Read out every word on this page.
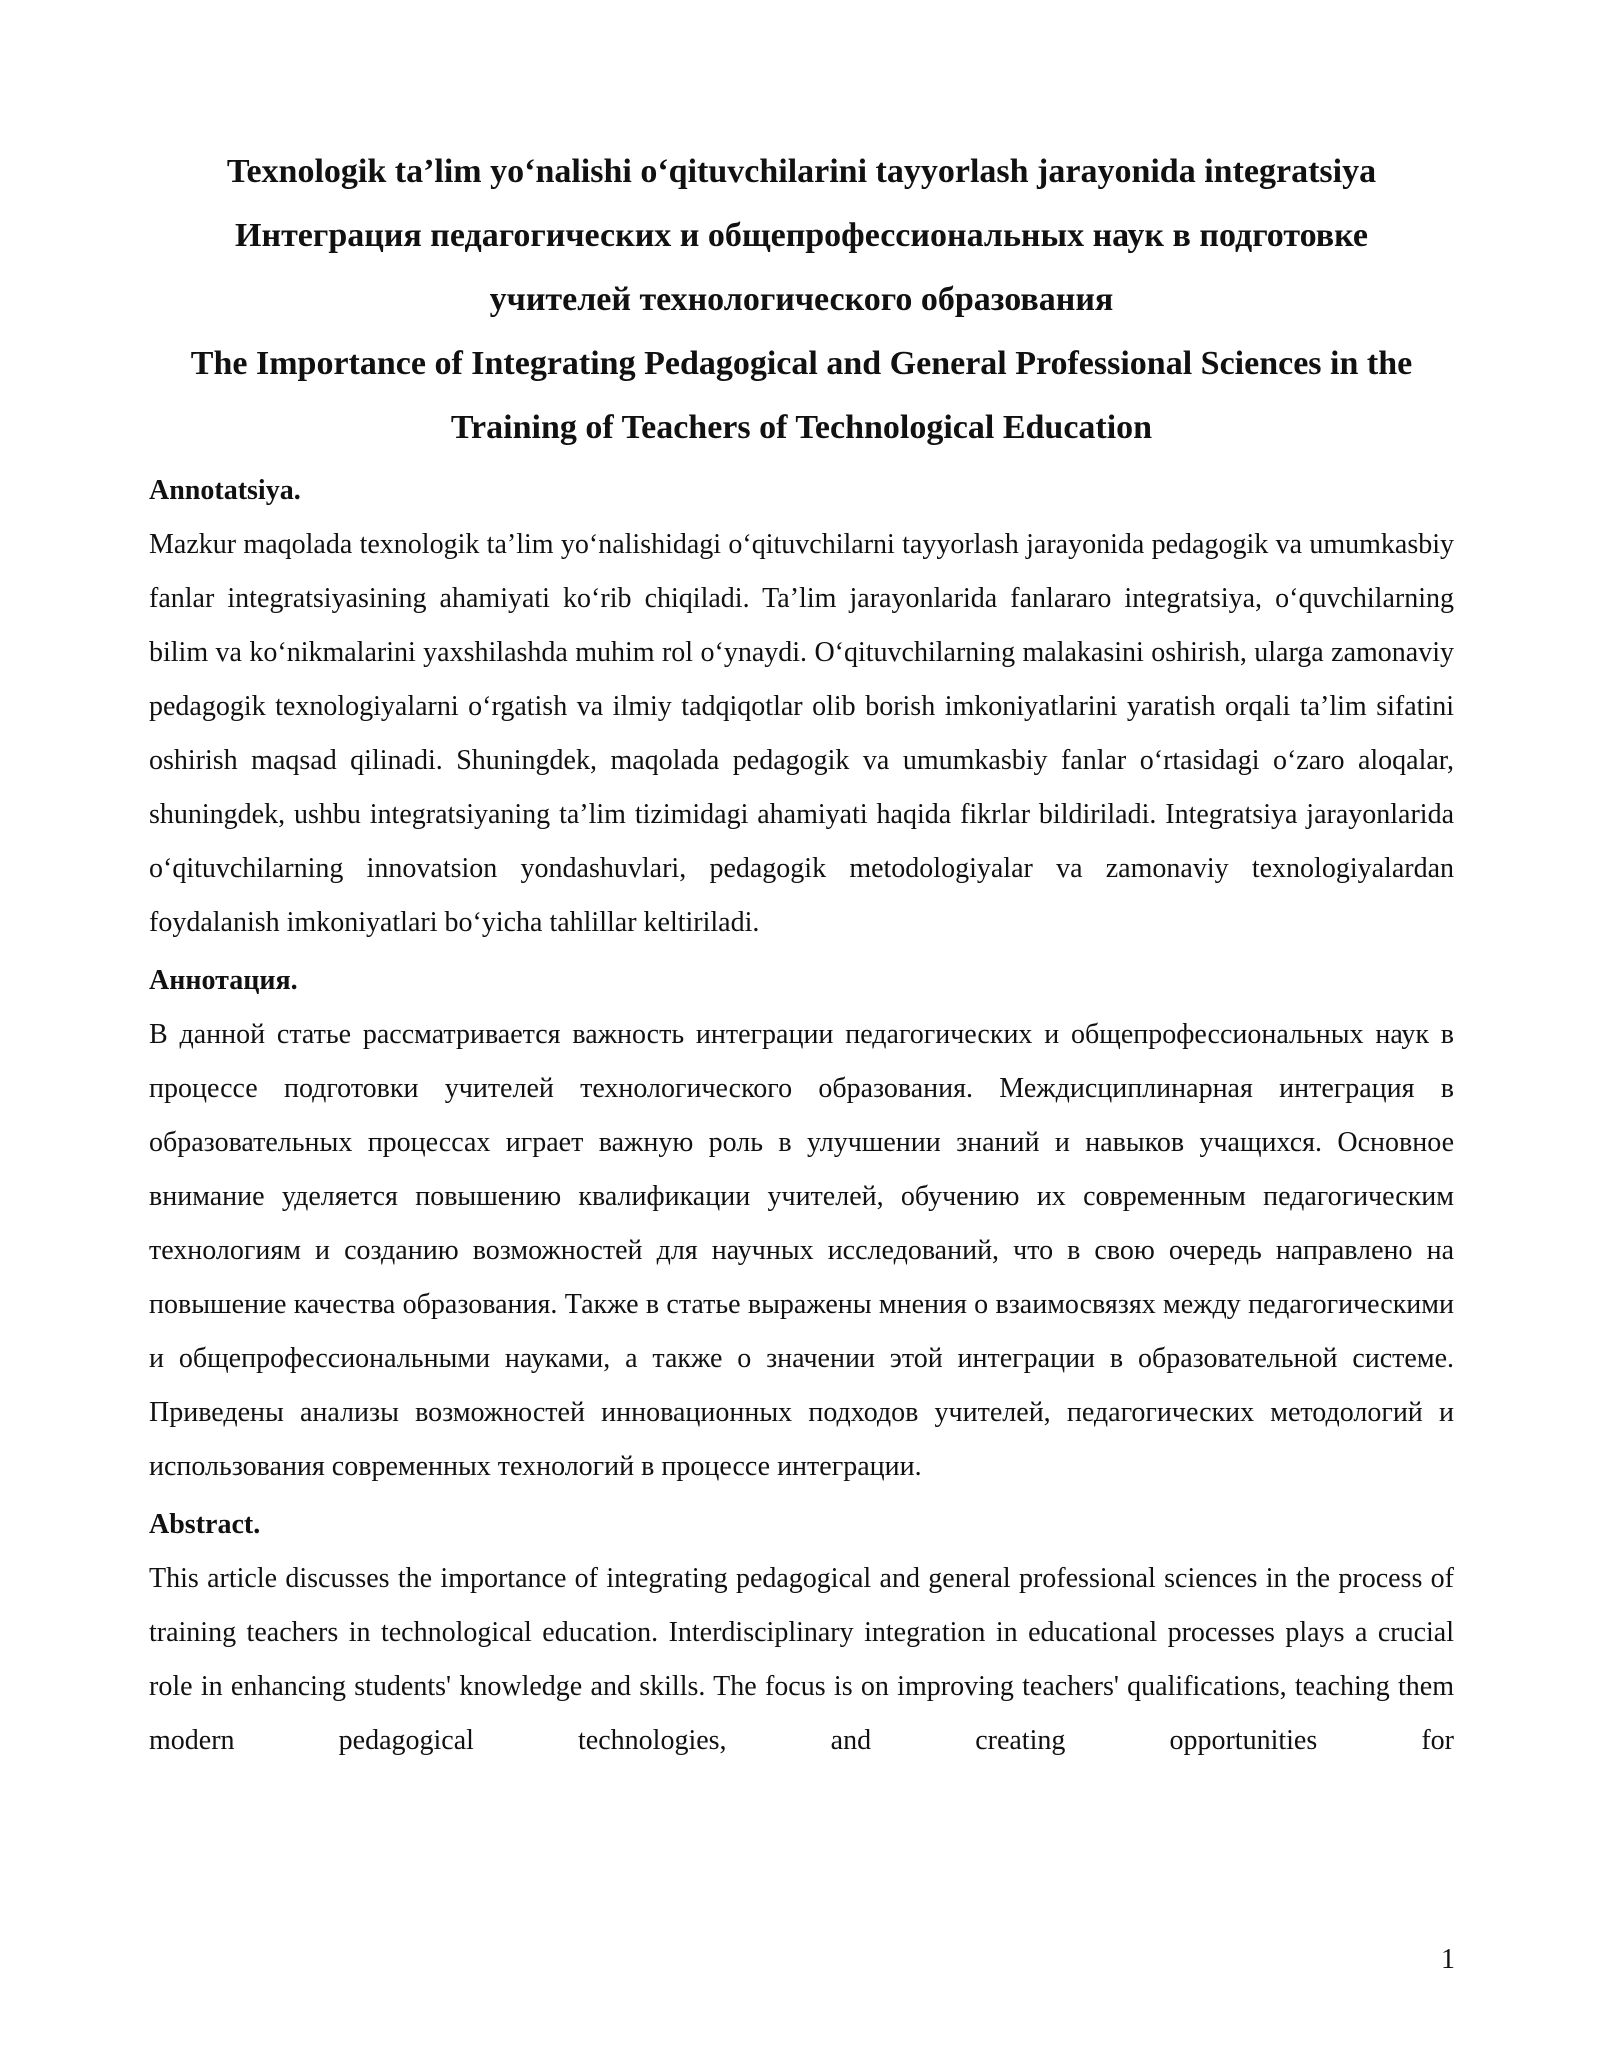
Texnologik ta’lim yo‘nalishi o‘qituvchilarini tayyorlash jarayonida integratsiya

Интеграция педагогических и общепрофессиональных наук в подготовке учителей технологического образования

The Importance of Integrating Pedagogical and General Professional Sciences in the Training of Teachers of Technological Education

Annotatsiya.

Mazkur maqolada texnologik ta’lim yo‘nalishidagi o‘qituvchilarni tayyorlash jarayonida pedagogik va umumkasbiy fanlar integratsiyasining ahamiyati ko‘rib chiqiladi. Ta’lim jarayonlarida fanlararo integratsiya, o‘quvchilarning bilim va ko‘nikmalarini yaxshilashda muhim rol o‘ynaydi. O‘qituvchilarning malakasini oshirish, ularga zamonaviy pedagogik texnologiyalarni o‘rgatish va ilmiy tadqiqotlar olib borish imkoniyatlarini yaratish orqali ta’lim sifatini oshirish maqsad qilinadi. Shuningdek, maqolada pedagogik va umumkasbiy fanlar o‘rtasidagi o‘zaro aloqalar, shuningdek, ushbu integratsiyaning ta’lim tizimidagi ahamiyati haqida fikrlar bildiriladi. Integratsiya jarayonlarida o‘qituvchilarning innovatsion yondashuvlari, pedagogik metodologiyalar va zamonaviy texnologiyalardan foydalanish imkoniyatlari bo‘yicha tahlillar keltiriladi.

Аннотация.

В данной статье рассматривается важность интеграции педагогических и общепрофессиональных наук в процессе подготовки учителей технологического образования. Междисциплинарная интеграция в образовательных процессах играет важную роль в улучшении знаний и навыков учащихся. Основное внимание уделяется повышению квалификации учителей, обучению их современным педагогическим технологиям и созданию возможностей для научных исследований, что в свою очередь направлено на повышение качества образования. Также в статье выражены мнения о взаимосвязях между педагогическими и общепрофессиональными науками, а также о значении этой интеграции в образовательной системе. Приведены анализы возможностей инновационных подходов учителей, педагогических методологий и использования современных технологий в процессе интеграции.

Abstract.

This article discusses the importance of integrating pedagogical and general professional sciences in the process of training teachers in technological education. Interdisciplinary integration in educational processes plays a crucial role in enhancing students' knowledge and skills. The focus is on improving teachers' qualifications, teaching them modern pedagogical technologies, and creating opportunities for

1
